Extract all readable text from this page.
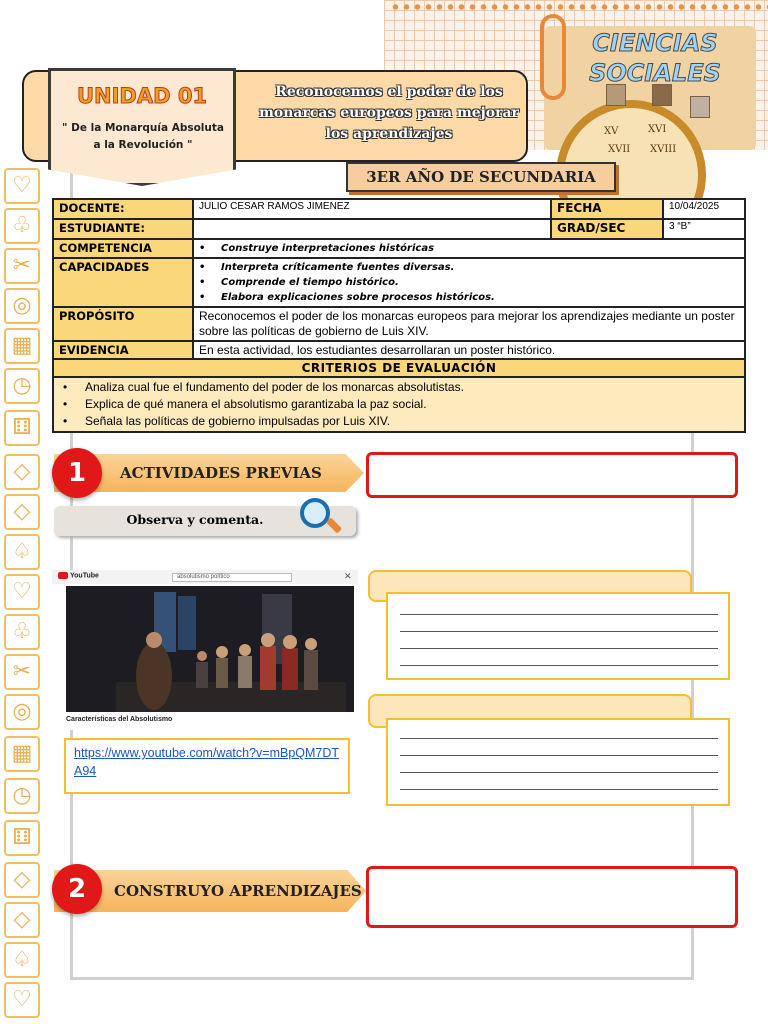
♡
♧
✂
◎
▦
◷
⚅
◇
◇
♤
♡
♧
✂
◎
▦
◷
⚅
◇
◇
♤
♡
UNIDAD 01
" De la Monarquía Absoluta a la Revolución "
Reconocemos el poder de los monarcas europeos para mejorar los aprendizajes	XV	XVI
XVII XVIII
CIENCIAS
SOCIALES
3ER AÑO DE SECUNDARIA
DOCENTE:	JULIO CESAR RAMOS JIMENEZ	FECHA	10/04/2025
ESTUDIANTE:		GRAD/SEC	3 “B”
COMPETENCIA	• Construye interpretaciones históricas

CAPACIDADES	• Interpreta críticamente fuentes diversas.
• Comprende el tiempo histórico.
• Elabora explicaciones sobre procesos históricos.

PROPÓSITO	Reconocemos el poder de los monarcas europeos para mejorar los aprendizajes mediante un poster sobre las políticas de gobierno de Luis XIV.		
EVIDENCIA	En esta actividad, los estudiantes desarrollaran un poster histórico.		
CRITERIOS DE EVALUACIÓN			

• Analiza cual fue el fundamento del poder de los monarcas absolutistas.
• Explica de qué manera el absolutismo garantizaba la paz social.
• Señala las políticas de gobierno impulsadas por Luis XIV.
1	ACTIVIDADES PREVIAS
Observa y comenta.
YouTube	absolutismo político	✕
Características del Absolutismo
https://www.youtube.com/watch?v=mBpQM7DTA94
2	CONSTRUYO APRENDIZAJES
